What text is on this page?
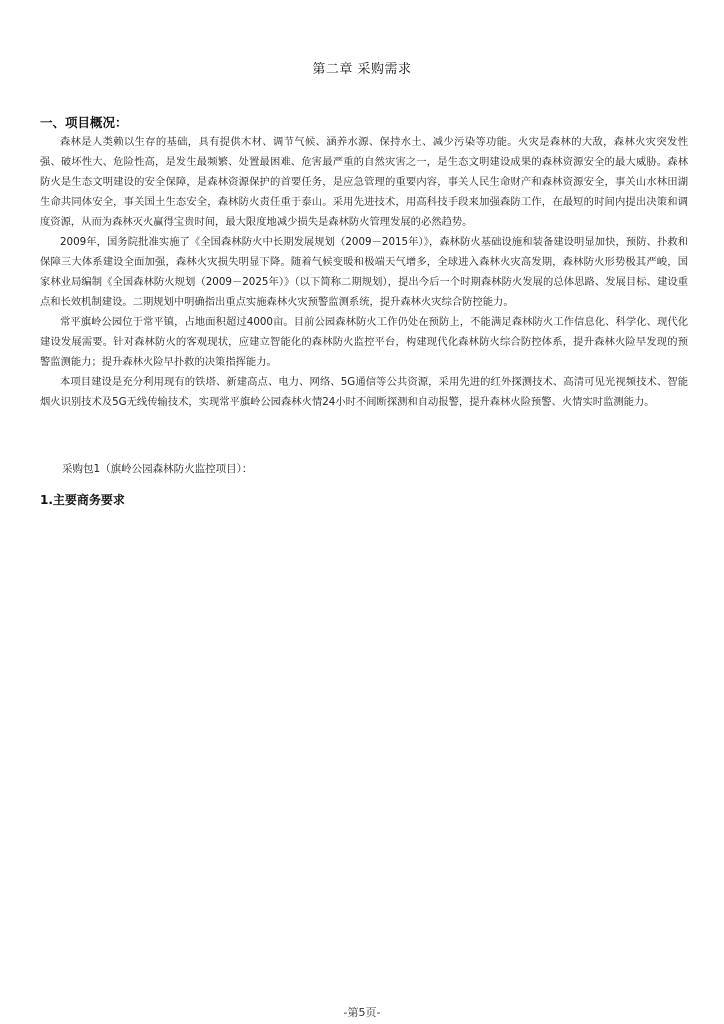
第二章 采购需求
一、项目概况：

森林是人类赖以生存的基础，具有提供木材、调节气候、涵养水源、保持水土、减少污染等功能。火灾是森林的大敌，森林火灾突发性强、破坏性大、危险性高，是发生最频繁、处置最困难、危害最严重的自然灾害之一，是生态文明建设成果的森林资源安全的最大威胁。森林防火是生态文明建设的安全保障，是森林资源保护的首要任务，是应急管理的重要内容，事关人民生命财产和森林资源安全，事关山水林田湖生命共同体安全，事关国土生态安全，森林防火责任重于泰山。采用先进技术，用高科技手段来加强森防工作，在最短的时间内提出决策和调度资源，从而为森林灭火赢得宝贵时间，最大限度地减少损失是森林防火管理发展的必然趋势。

2009年，国务院批准实施了《全国森林防火中长期发展规划（2009－2015年）》，森林防火基础设施和装备建设明显加快，预防、扑救和保障三大体系建设全面加强，森林火灾损失明显下降。随着气候变暖和极端天气增多，全球进入森林火灾高发期，森林防火形势极其严峻，国家林业局编制《全国森林防火规划（2009－2025年）》（以下简称二期规划），提出今后一个时期森林防火发展的总体思路、发展目标、建设重点和长效机制建设。二期规划中明确指出重点实施森林火灾预警监测系统，提升森林火灾综合防控能力。

常平旗岭公园位于常平镇，占地面积超过4000亩。目前公园森林防火工作仍处在预防上，不能满足森林防火工作信息化、科学化、现代化建设发展需要。针对森林防火的客观现状，应建立智能化的森林防火监控平台，构建现代化森林防火综合防控体系，提升森林火险早发现的预警监测能力；提升森林火险早扑救的决策指挥能力。

本项目建设是充分利用现有的铁塔、新建高点、电力、网络、5G通信等公共资源，采用先进的红外探测技术、高清可见光视频技术、智能烟火识别技术及5G无线传输技术，实现常平旗岭公园森林火情24小时不间断探测和自动报警，提升森林火险预警、火情实时监测能力。

采购包1（旗岭公园森林防火监控项目）：
1.主要商务要求
-第5页-
